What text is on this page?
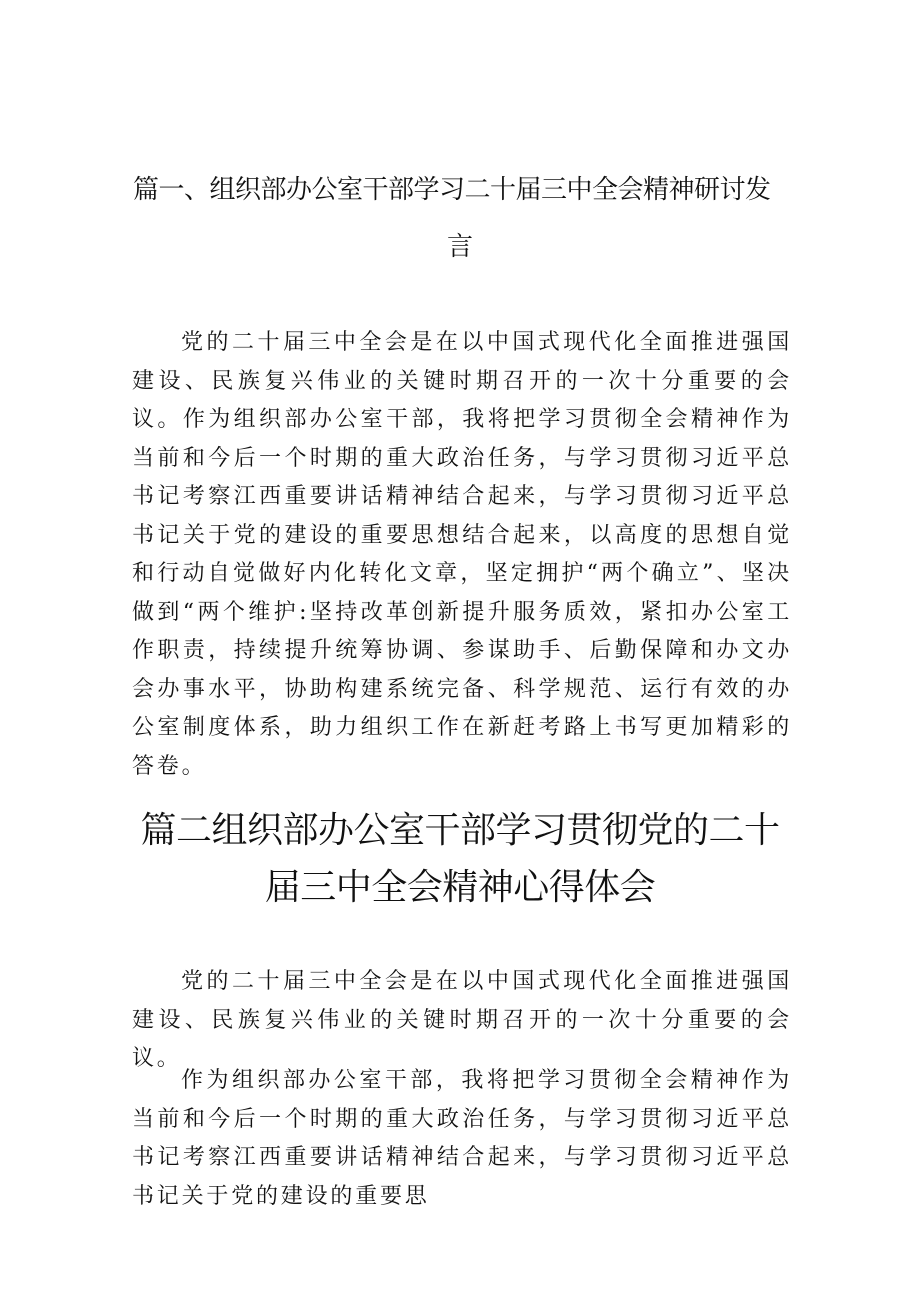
篇一、组织部办公室干部学习二十届三中全会精神研讨发
言

党的二十届三中全会是在以中国式现代化全面推进强国建设、民族复兴伟业的关键时期召开的一次十分重要的会议。作为组织部办公室干部，我将把学习贯彻全会精神作为当前和今后一个时期的重大政治任务，与学习贯彻习近平总书记考察江西重要讲话精神结合起来，与学习贯彻习近平总书记关于党的建设的重要思想结合起来，以高度的思想自觉和行动自觉做好内化转化文章，坚定拥护“两个确立”、坚决做到“两个维护:坚持改革创新提升服务质效，紧扣办公室工作职责，持续提升统筹协调、参谋助手、后勤保障和办文办会办事水平，协助构建系统完备、科学规范、运行有效的办公室制度体系，助力组织工作在新赶考路上书写更加精彩的答卷。

篇二组织部办公室干部学习贯彻党的二十
届三中全会精神心得体会

党的二十届三中全会是在以中国式现代化全面推进强国建设、民族复兴伟业的关键时期召开的一次十分重要的会议。

作为组织部办公室干部，我将把学习贯彻全会精神作为当前和今后一个时期的重大政治任务，与学习贯彻习近平总书记考察江西重要讲话精神结合起来，与学习贯彻习近平总书记关于党的建设的重要思
